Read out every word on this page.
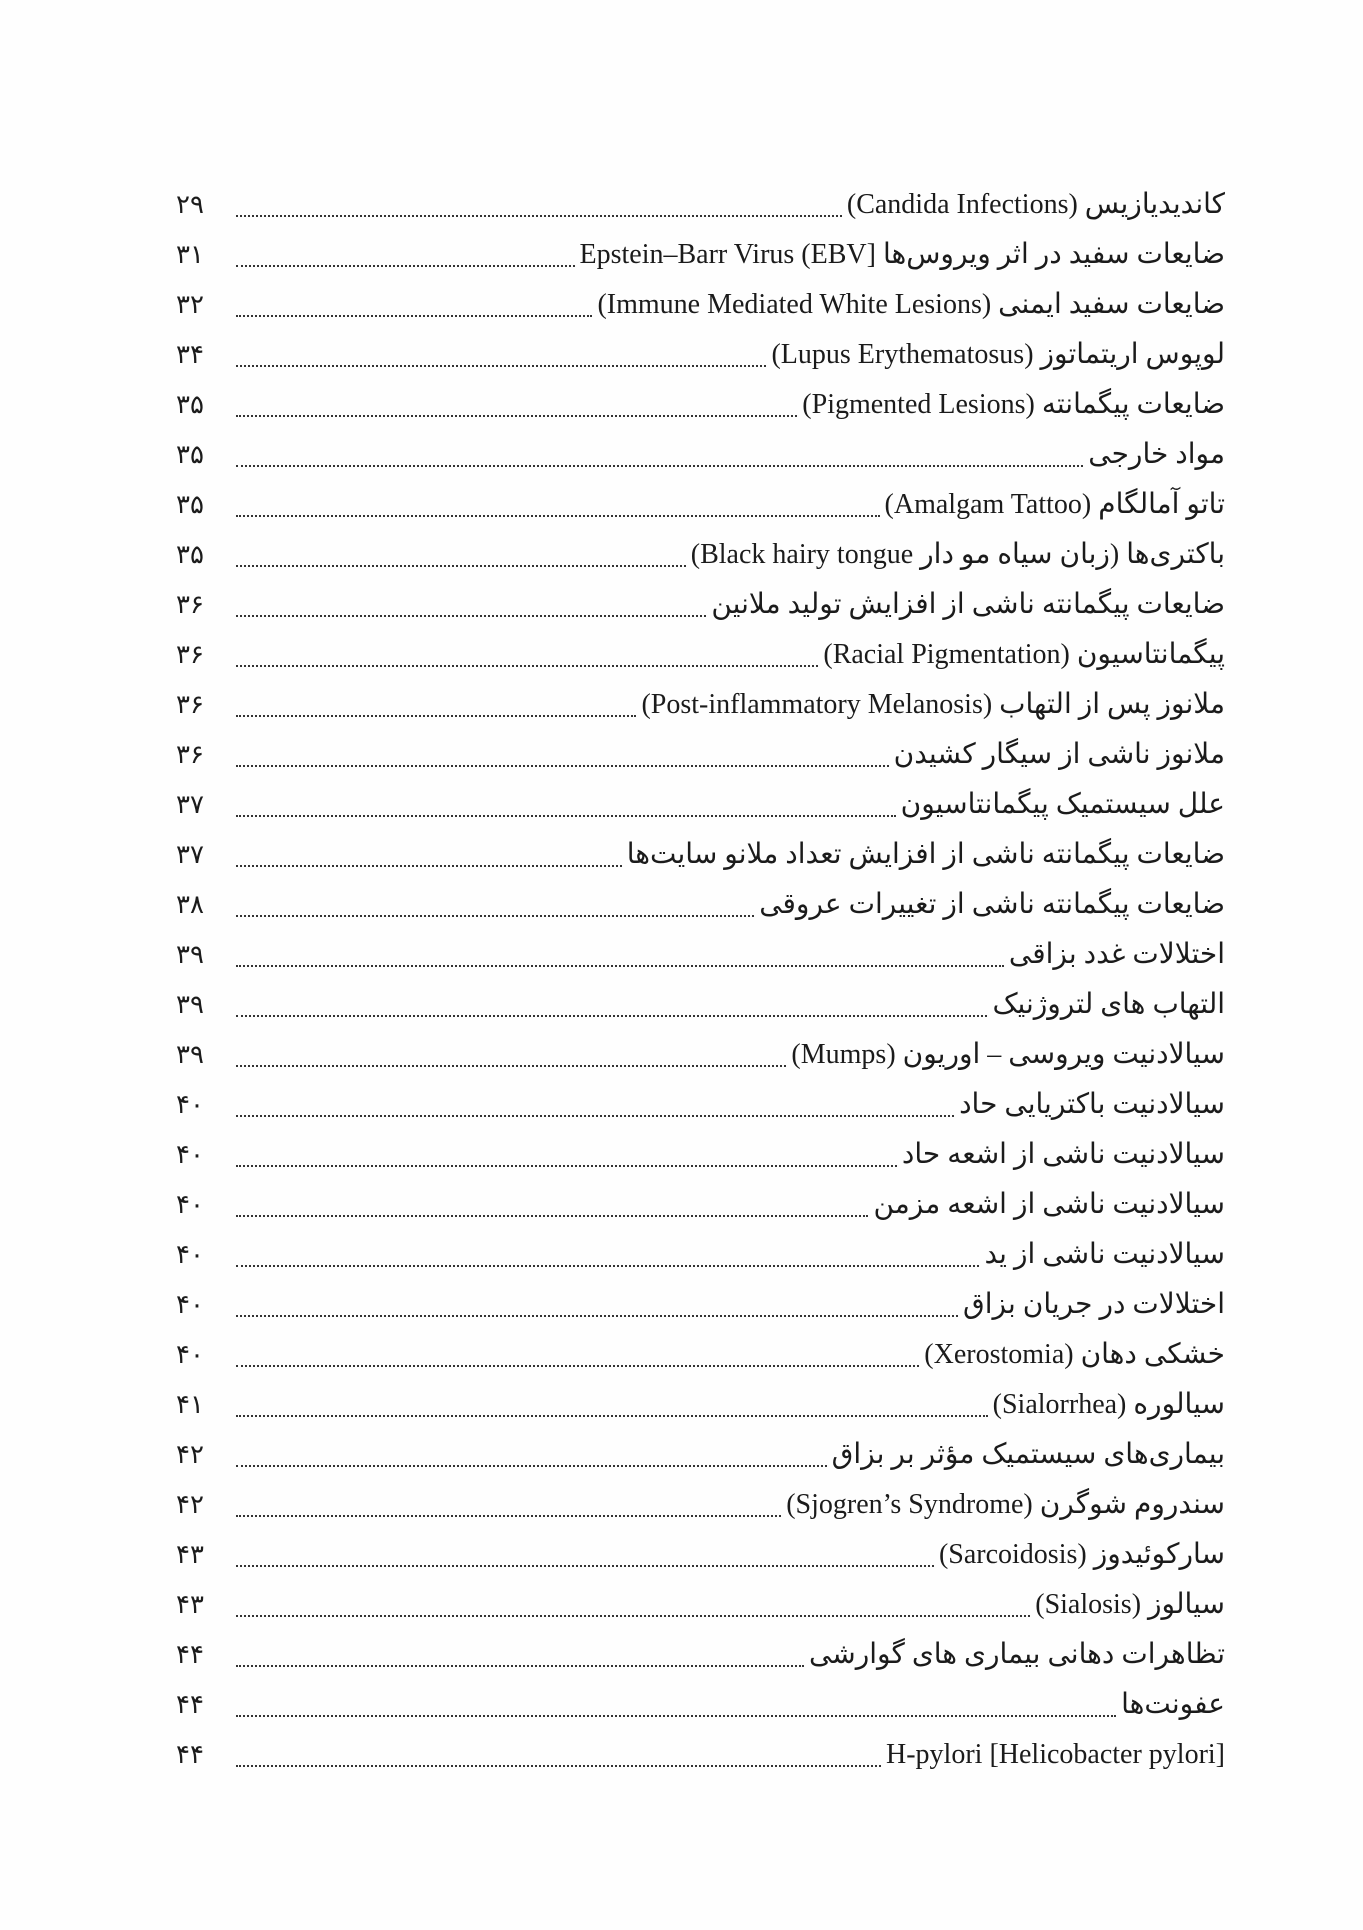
کاندیدیازیس (Candida Infections)
۲۹
ضایعات سفید در اثر ویروس‌ها [Epstein–Barr Virus (EBV
۳۱
ضایعات سفید ایمنی (Immune Mediated White Lesions)
۳۲
لوپوس اریتماتوز (Lupus Erythematosus)
۳۴
ضایعات پیگمانته (Pigmented Lesions)
۳۵
مواد خارجی
۳۵
تاتو آمالگام (Amalgam Tattoo)
۳۵
باکتری‌ها (زبان سیاه مو دار Black hairy tongue)
۳۵
ضایعات پیگمانته ناشی از افزایش تولید ملانین
۳۶
پیگمانتاسیون (Racial Pigmentation)
۳۶
ملانوز پس از التهاب (Post-inflammatory Melanosis)
۳۶
ملانوز ناشی از سیگار کشیدن
۳۶
علل سیستمیک پیگمانتاسیون
۳۷
ضایعات پیگمانته ناشی از افزایش تعداد ملانو سایت‌ها
۳۷
ضایعات پیگمانته ناشی از تغییرات عروقی
۳۸
اختلالات غدد بزاقی
۳۹
التهاب های لتروژنیک
۳۹
سیالادنیت ویروسی – اوریون (Mumps)
۳۹
سیالادنیت باکتریایی حاد
۴۰
سیالادنیت ناشی از اشعه حاد
۴۰
سیالادنیت ناشی از اشعه مزمن
۴۰
سیالادنیت ناشی از ید
۴۰
اختلالات در جریان بزاق
۴۰
خشکی دهان (Xerostomia)
۴۰
سیالوره (Sialorrhea)
۴۱
بیماری‌های سیستمیک مؤثر بر بزاق
۴۲
سندروم شوگرن (Sjogren’s Syndrome)
۴۲
سارکوئیدوز (Sarcoidosis)
۴۳
سیالوز (Sialosis)
۴۳
تظاهرات دهانی بیماری های گوارشی
۴۴
عفونت‌ها
۴۴
H-pylori [Helicobacter pylori]
۴۴
